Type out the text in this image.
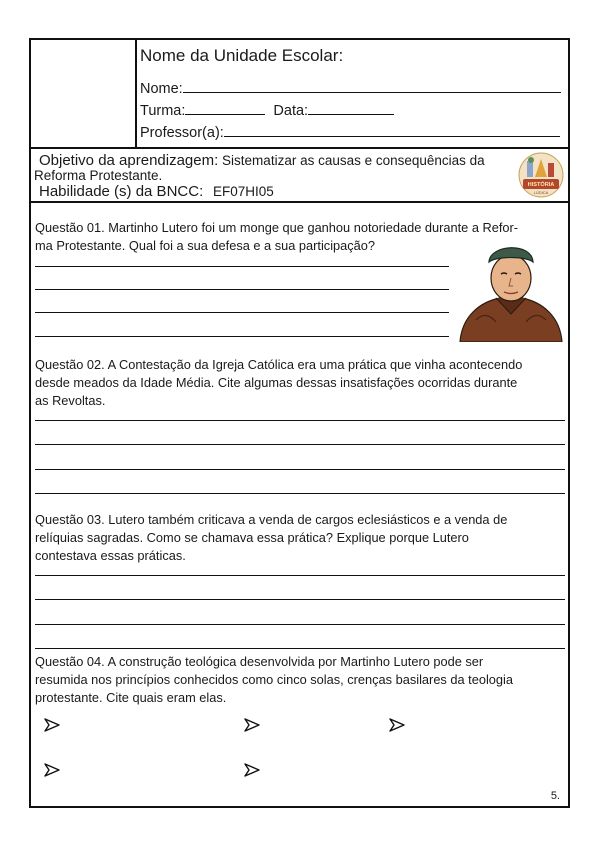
Nome da Unidade Escolar:
Nome:
Turma:	Data:
Professor(a):
Objetivo da aprendizagem: Sistematizar as causas e consequências da
Reforma Protestante.
Habilidade (s) da BNCC: EF07HI05	HISTÓRIA
LÚDICA
Questão 01. Martinho Lutero foi um monge que ganhou notoriedade durante a Refor-
ma Protestante. Qual foi a sua defesa e a sua participação?
Questão 02. A Contestação da Igreja Católica era uma prática que vinha acontecendo
desde meados da Idade Média. Cite algumas dessas insatisfações ocorridas durante
as Revoltas.
Questão 03. Lutero também criticava a venda de cargos eclesiásticos e a venda de
relíquias sagradas. Como se chamava essa prática? Explique porque Lutero
contestava essas práticas.
Questão 04. A construção teológica desenvolvida por Martinho Lutero pode ser
resumida nos princípios conhecidos como cinco solas, crenças basilares da teologia
protestante. Cite quais eram elas.
5.
